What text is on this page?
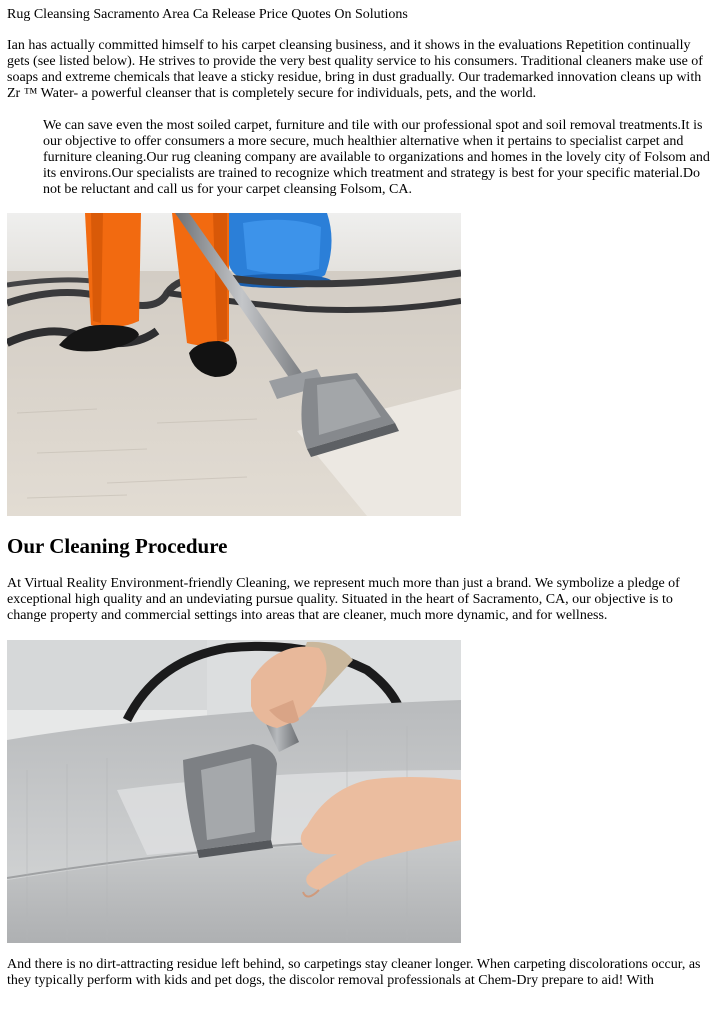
Rug Cleansing Sacramento Area Ca Release Price Quotes On Solutions

Ian has actually committed himself to his carpet cleansing business, and it shows in the evaluations Repetition continually gets (see listed below). He strives to provide the very best quality service to his consumers. Traditional cleaners make use of soaps and extreme chemicals that leave a sticky residue, bring in dust gradually. Our trademarked innovation cleans up with Zr ™ Water- a powerful cleanser that is completely secure for individuals, pets, and the world.

We can save even the most soiled carpet, furniture and tile with our professional spot and soil removal treatments.It is our objective to offer consumers a more secure, much healthier alternative when it pertains to specialist carpet and furniture cleaning.Our rug cleaning company are available to organizations and homes in the lovely city of Folsom and its environs.Our specialists are trained to recognize which treatment and strategy is best for your specific material.Do not be reluctant and call us for your carpet cleansing Folsom, CA.

Our Cleaning Procedure

At Virtual Reality Environment-friendly Cleaning, we represent much more than just a brand. We symbolize a pledge of exceptional high quality and an undeviating pursue quality. Situated in the heart of Sacramento, CA, our objective is to change property and commercial settings into areas that are cleaner, much more dynamic, and for wellness.

And there is no dirt-attracting residue left behind, so carpetings stay cleaner longer. When carpeting discolorations occur, as they typically perform with kids and pet dogs, the discolor removal professionals at Chem-Dry prepare to aid! With
